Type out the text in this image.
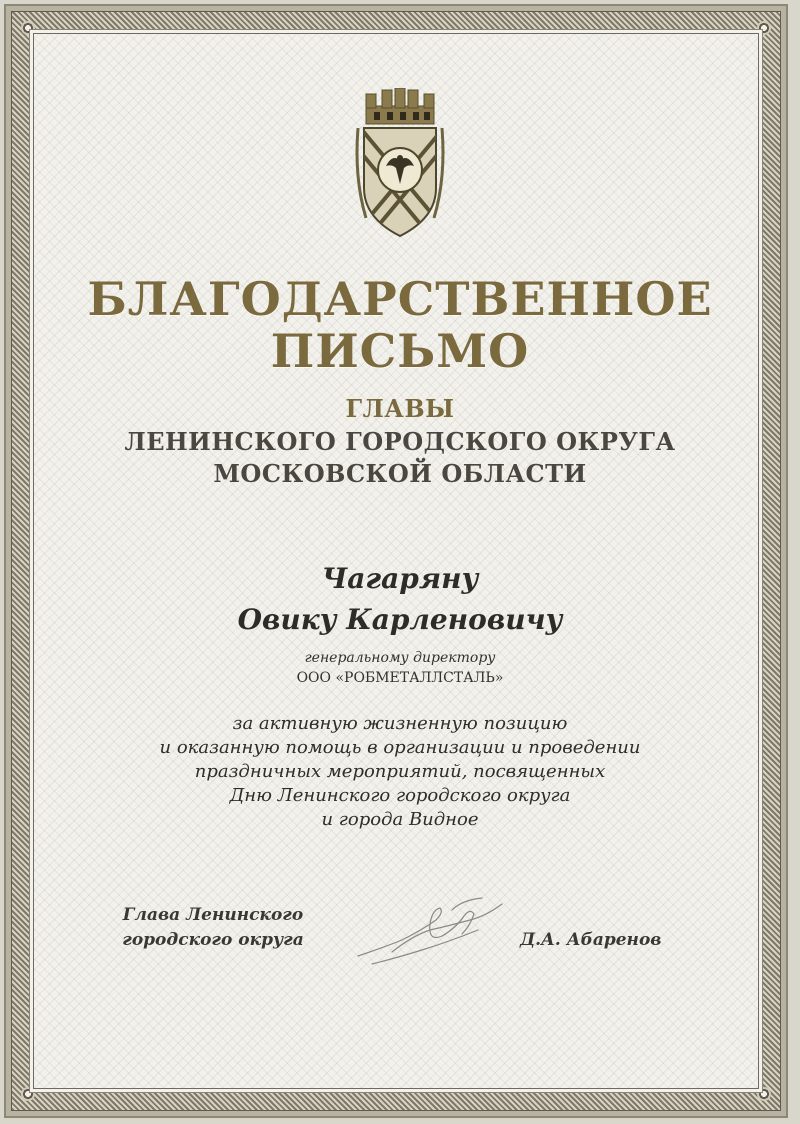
БЛАГОДАРСТВЕННОЕ
ПИСЬМО
ГЛАВЫ
ЛЕНИНСКОГО ГОРОДСКОГО ОКРУГА
МОСКОВСКОЙ ОБЛАСТИ
Чагаряну
Овику Карленовичу
генеральному директору
ООО «РОБМЕТАЛЛСТАЛЬ»
за активную жизненную позицию
и оказанную помощь в организации и проведении
праздничных мероприятий, посвященных
Дню Ленинского городского округа
и города Видное
Глава Ленинского
городского округа	Д.А. Абаренов
